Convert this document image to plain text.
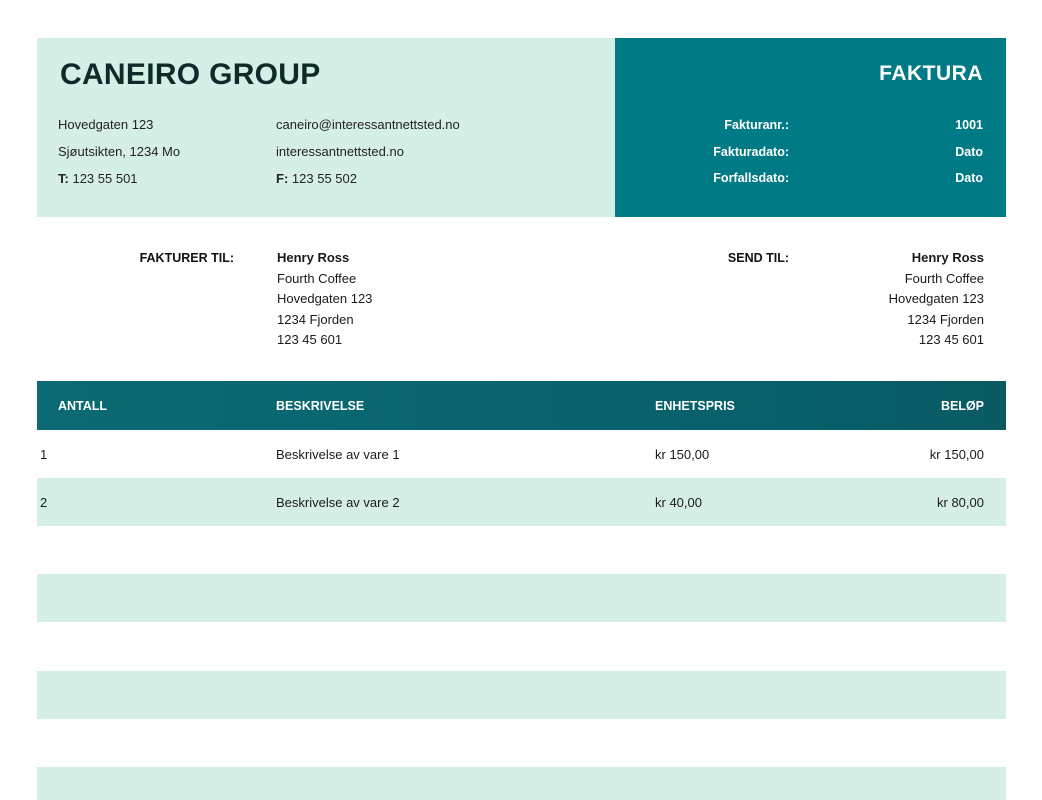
CANEIRO GROUP
Hovedgaten 123
Sjøutsikten, 1234 Mo
T: 123 55 501
caneiro@interessantnettsted.no
interessantnettsted.no
F: 123 55 502
FAKTURA
Fakturanr.:	1001
Fakturadato:	Dato
Forfallsdato:	Dato
FAKTURER TIL:	Henry Ross
Fourth Coffee
Hovedgaten 123
1234 Fjorden
123 45 601
SEND TIL:	Henry Ross
Fourth Coffee
Hovedgaten 123
1234 Fjorden
123 45 601
ANTALL	BESKRIVELSE	ENHETSPRIS	BELØP
1	Beskrivelse av vare 1	kr 150,00	kr 150,00
2	Beskrivelse av vare 2	kr 40,00	kr 80,00
